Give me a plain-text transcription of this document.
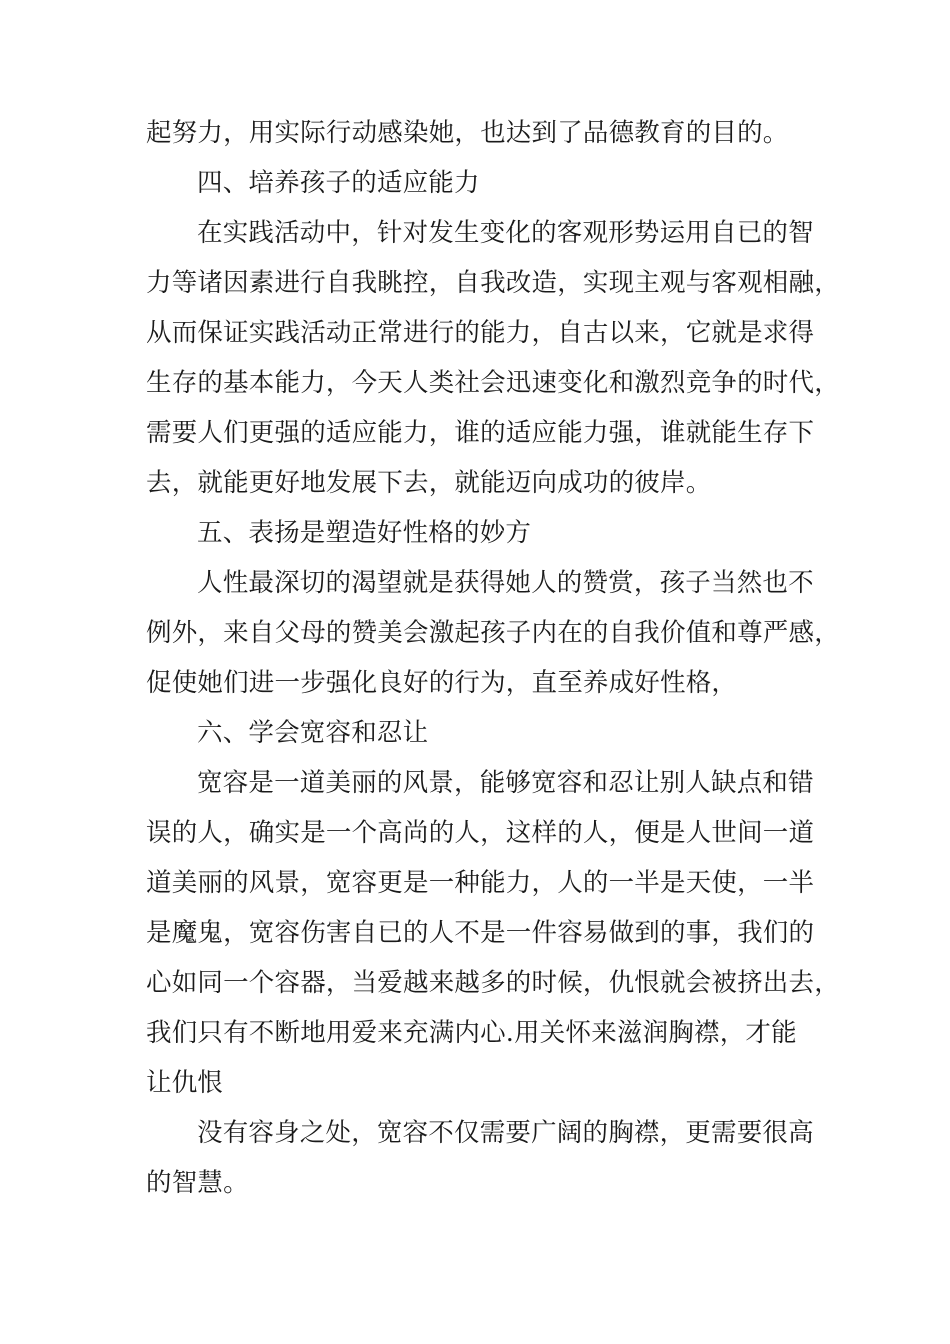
起努力，用实际行动感染她，也达到了品德教育的目的。
四、培养孩子的适应能力
在实践活动中，针对发生变化的客观形势运用自已的智
力等诸因素进行自我眺控，自我改造，实现主观与客观相融，
从而保证实践活动正常进行的能力，自古以来，它就是求得
生存的基本能力，今天人类社会迅速变化和激烈竞争的时代，
需要人们更强的适应能力，谁的适应能力强，谁就能生存下
去，就能更好地发展下去，就能迈向成功的彼岸。
五、表扬是塑造好性格的妙方
人性最深切的渴望就是获得她人的赞赏，孩子当然也不
例外，来自父母的赞美会激起孩子内在的自我价值和尊严感，
促使她们进一步强化良好的行为，直至养成好性格，
六、学会宽容和忍让
宽容是一道美丽的风景，能够宽容和忍让别人缺点和错
误的人，确实是一个高尚的人，这样的人，便是人世间一道
道美丽的风景，宽容更是一种能力，人的一半是天使，一半
是魔鬼，宽容伤害自已的人不是一件容易做到的事，我们的
心如同一个容器，当爱越来越多的时候，仇恨就会被挤出去，
我们只有不断地用爱来充满内心.用关怀来滋润胸襟，才能
让仇恨
没有容身之处，宽容不仅需要广阔的胸襟，更需要很高
的智慧。
